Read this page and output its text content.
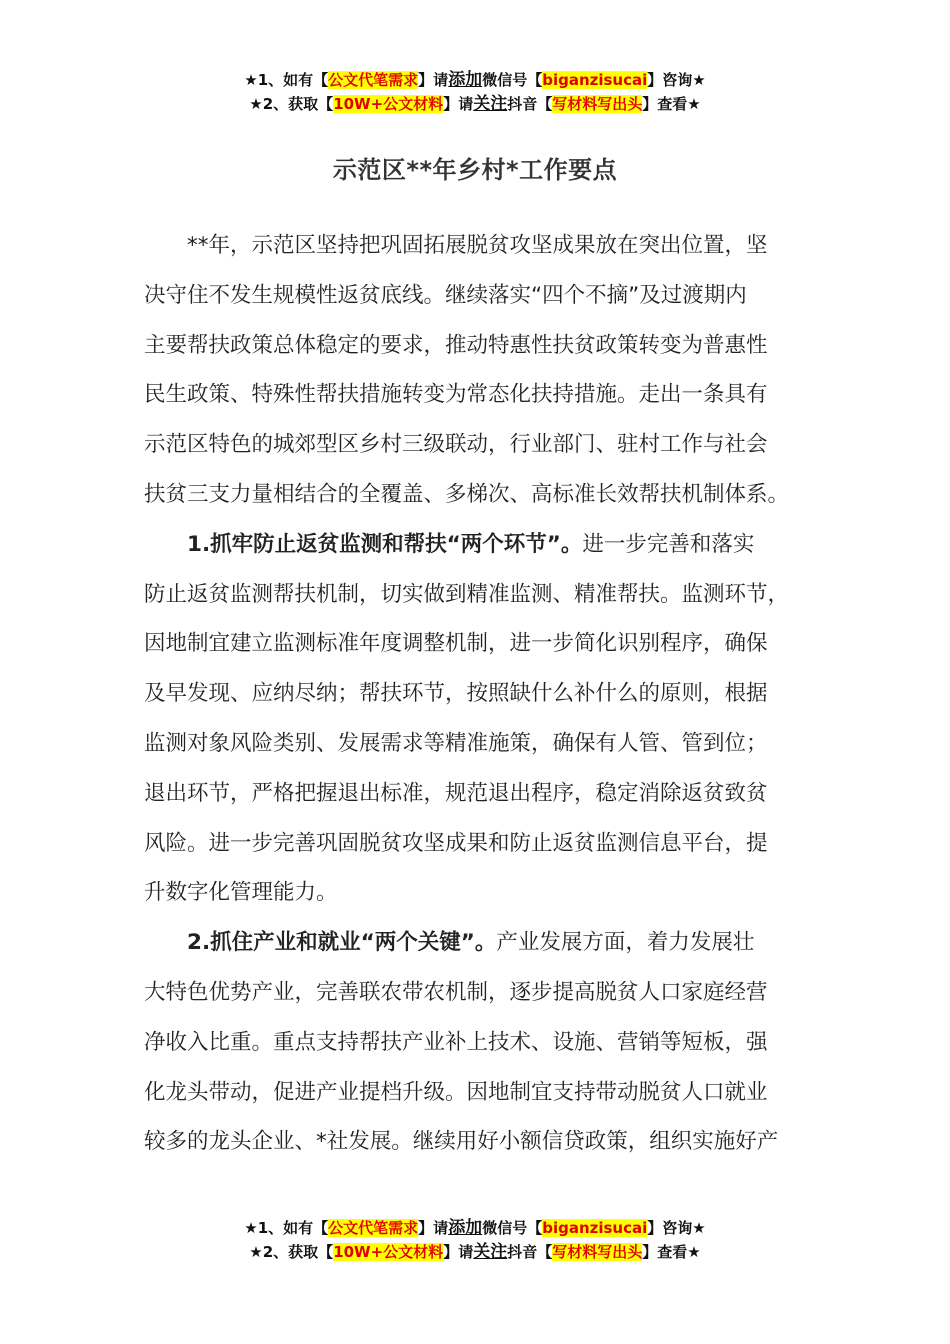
★1、如有【公文代笔需求】请添加微信号【biganzisucai】咨询★
★2、获取【10W+公文材料】请关注抖音【写材料写出头】查看★
示范区**年乡村*工作要点
　　**年，示范区坚持把巩固拓展脱贫攻坚成果放在突出位置，坚
决守住不发生规模性返贫底线。继续落实“四个不摘”及过渡期内
主要帮扶政策总体稳定的要求，推动特惠性扶贫政策转变为普惠性
民生政策、特殊性帮扶措施转变为常态化扶持措施。走出一条具有
示范区特色的城郊型区乡村三级联动，行业部门、驻村工作与社会
扶贫三支力量相结合的全覆盖、多梯次、高标准长效帮扶机制体系。
　　1.抓牢防止返贫监测和帮扶“两个环节”。进一步完善和落实
防止返贫监测帮扶机制，切实做到精准监测、精准帮扶。监测环节，
因地制宜建立监测标准年度调整机制，进一步简化识别程序，确保
及早发现、应纳尽纳；帮扶环节，按照缺什么补什么的原则，根据
监测对象风险类别、发展需求等精准施策，确保有人管、管到位；
退出环节，严格把握退出标准，规范退出程序，稳定消除返贫致贫
风险。进一步完善巩固脱贫攻坚成果和防止返贫监测信息平台，提
升数字化管理能力。
　　2.抓住产业和就业“两个关键”。产业发展方面，着力发展壮
大特色优势产业，完善联农带农机制，逐步提高脱贫人口家庭经营
净收入比重。重点支持帮扶产业补上技术、设施、营销等短板，强
化龙头带动，促进产业提档升级。因地制宜支持带动脱贫人口就业
较多的龙头企业、*社发展。继续用好小额信贷政策，组织实施好产
★1、如有【公文代笔需求】请添加微信号【biganzisucai】咨询★
★2、获取【10W+公文材料】请关注抖音【写材料写出头】查看★
